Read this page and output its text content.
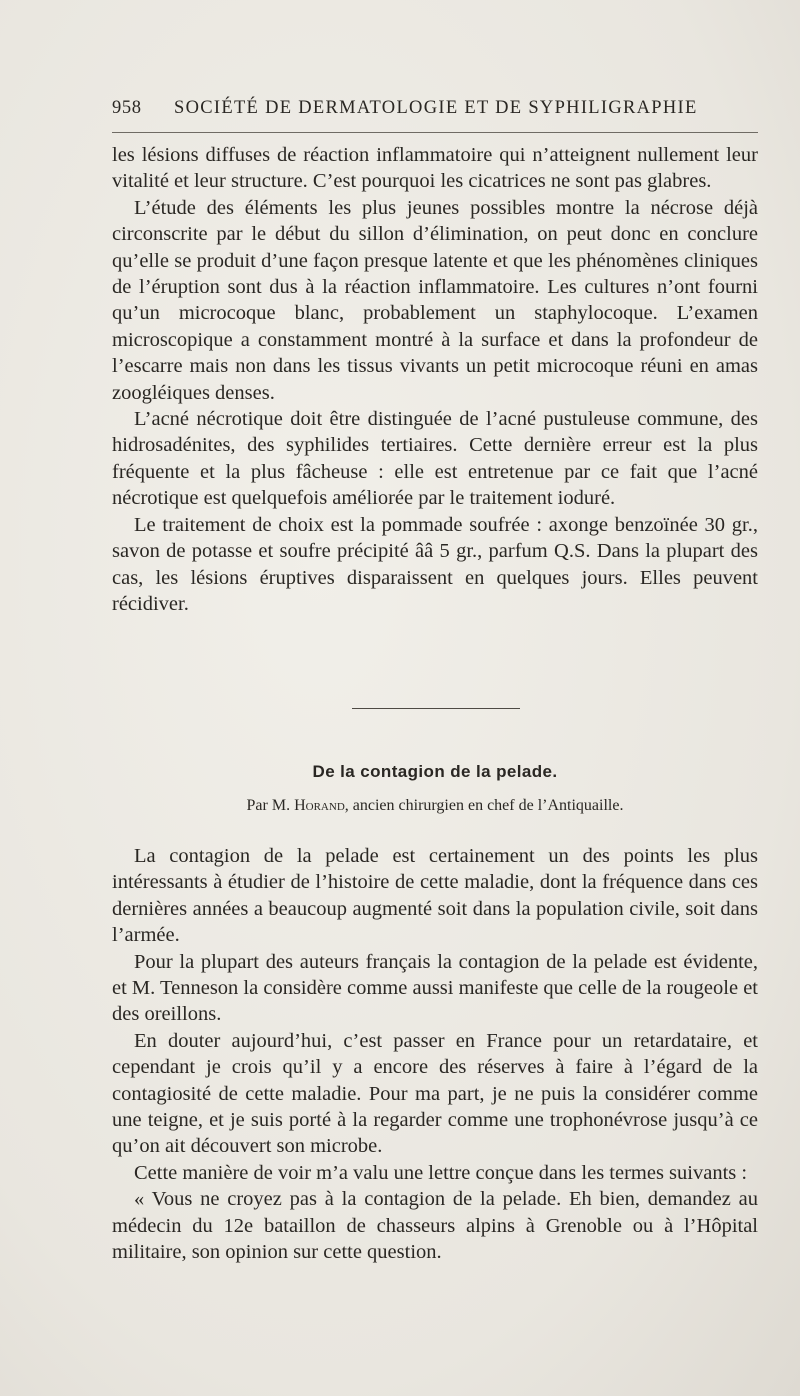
958 SOCIÉTÉ DE DERMATOLOGIE ET DE SYPHILIGRAPHIE

les lésions diffuses de réaction inflammatoire qui n’atteignent nullement leur vitalité et leur structure. C’est pourquoi les cicatrices ne sont pas glabres.

L’étude des éléments les plus jeunes possibles montre la nécrose déjà circonscrite par le début du sillon d’élimination, on peut donc en conclure qu’elle se produit d’une façon presque latente et que les phénomènes cliniques de l’éruption sont dus à la réaction inflammatoire. Les cultures n’ont fourni qu’un microcoque blanc, probablement un staphylocoque. L’examen microscopique a constamment montré à la surface et dans la profondeur de l’escarre mais non dans les tissus vivants un petit microcoque réuni en amas zoogléiques denses.

L’acné nécrotique doit être distinguée de l’acné pustuleuse commune, des hidrosadénites, des syphilides tertiaires. Cette dernière erreur est la plus fréquente et la plus fâcheuse : elle est entretenue par ce fait que l’acné nécrotique est quelquefois améliorée par le traitement ioduré.

Le traitement de choix est la pommade soufrée : axonge benzoïnée 30 gr., savon de potasse et soufre précipité ââ 5 gr., parfum Q.S. Dans la plupart des cas, les lésions éruptives disparaissent en quelques jours. Elles peuvent récidiver.

De la contagion de la pelade.
Par M. Horand, ancien chirurgien en chef de l’Antiquaille.

La contagion de la pelade est certainement un des points les plus intéressants à étudier de l’histoire de cette maladie, dont la fréquence dans ces dernières années a beaucoup augmenté soit dans la population civile, soit dans l’armée.

Pour la plupart des auteurs français la contagion de la pelade est évidente, et M. Tenneson la considère comme aussi manifeste que celle de la rougeole et des oreillons.

En douter aujourd’hui, c’est passer en France pour un retardataire, et cependant je crois qu’il y a encore des réserves à faire à l’égard de la contagiosité de cette maladie. Pour ma part, je ne puis la considérer comme une teigne, et je suis porté à la regarder comme une trophonévrose jusqu’à ce qu’on ait découvert son microbe.

Cette manière de voir m’a valu une lettre conçue dans les termes suivants :

« Vous ne croyez pas à la contagion de la pelade. Eh bien, demandez au médecin du 12e bataillon de chasseurs alpins à Grenoble ou à l’Hôpital militaire, son opinion sur cette question.
